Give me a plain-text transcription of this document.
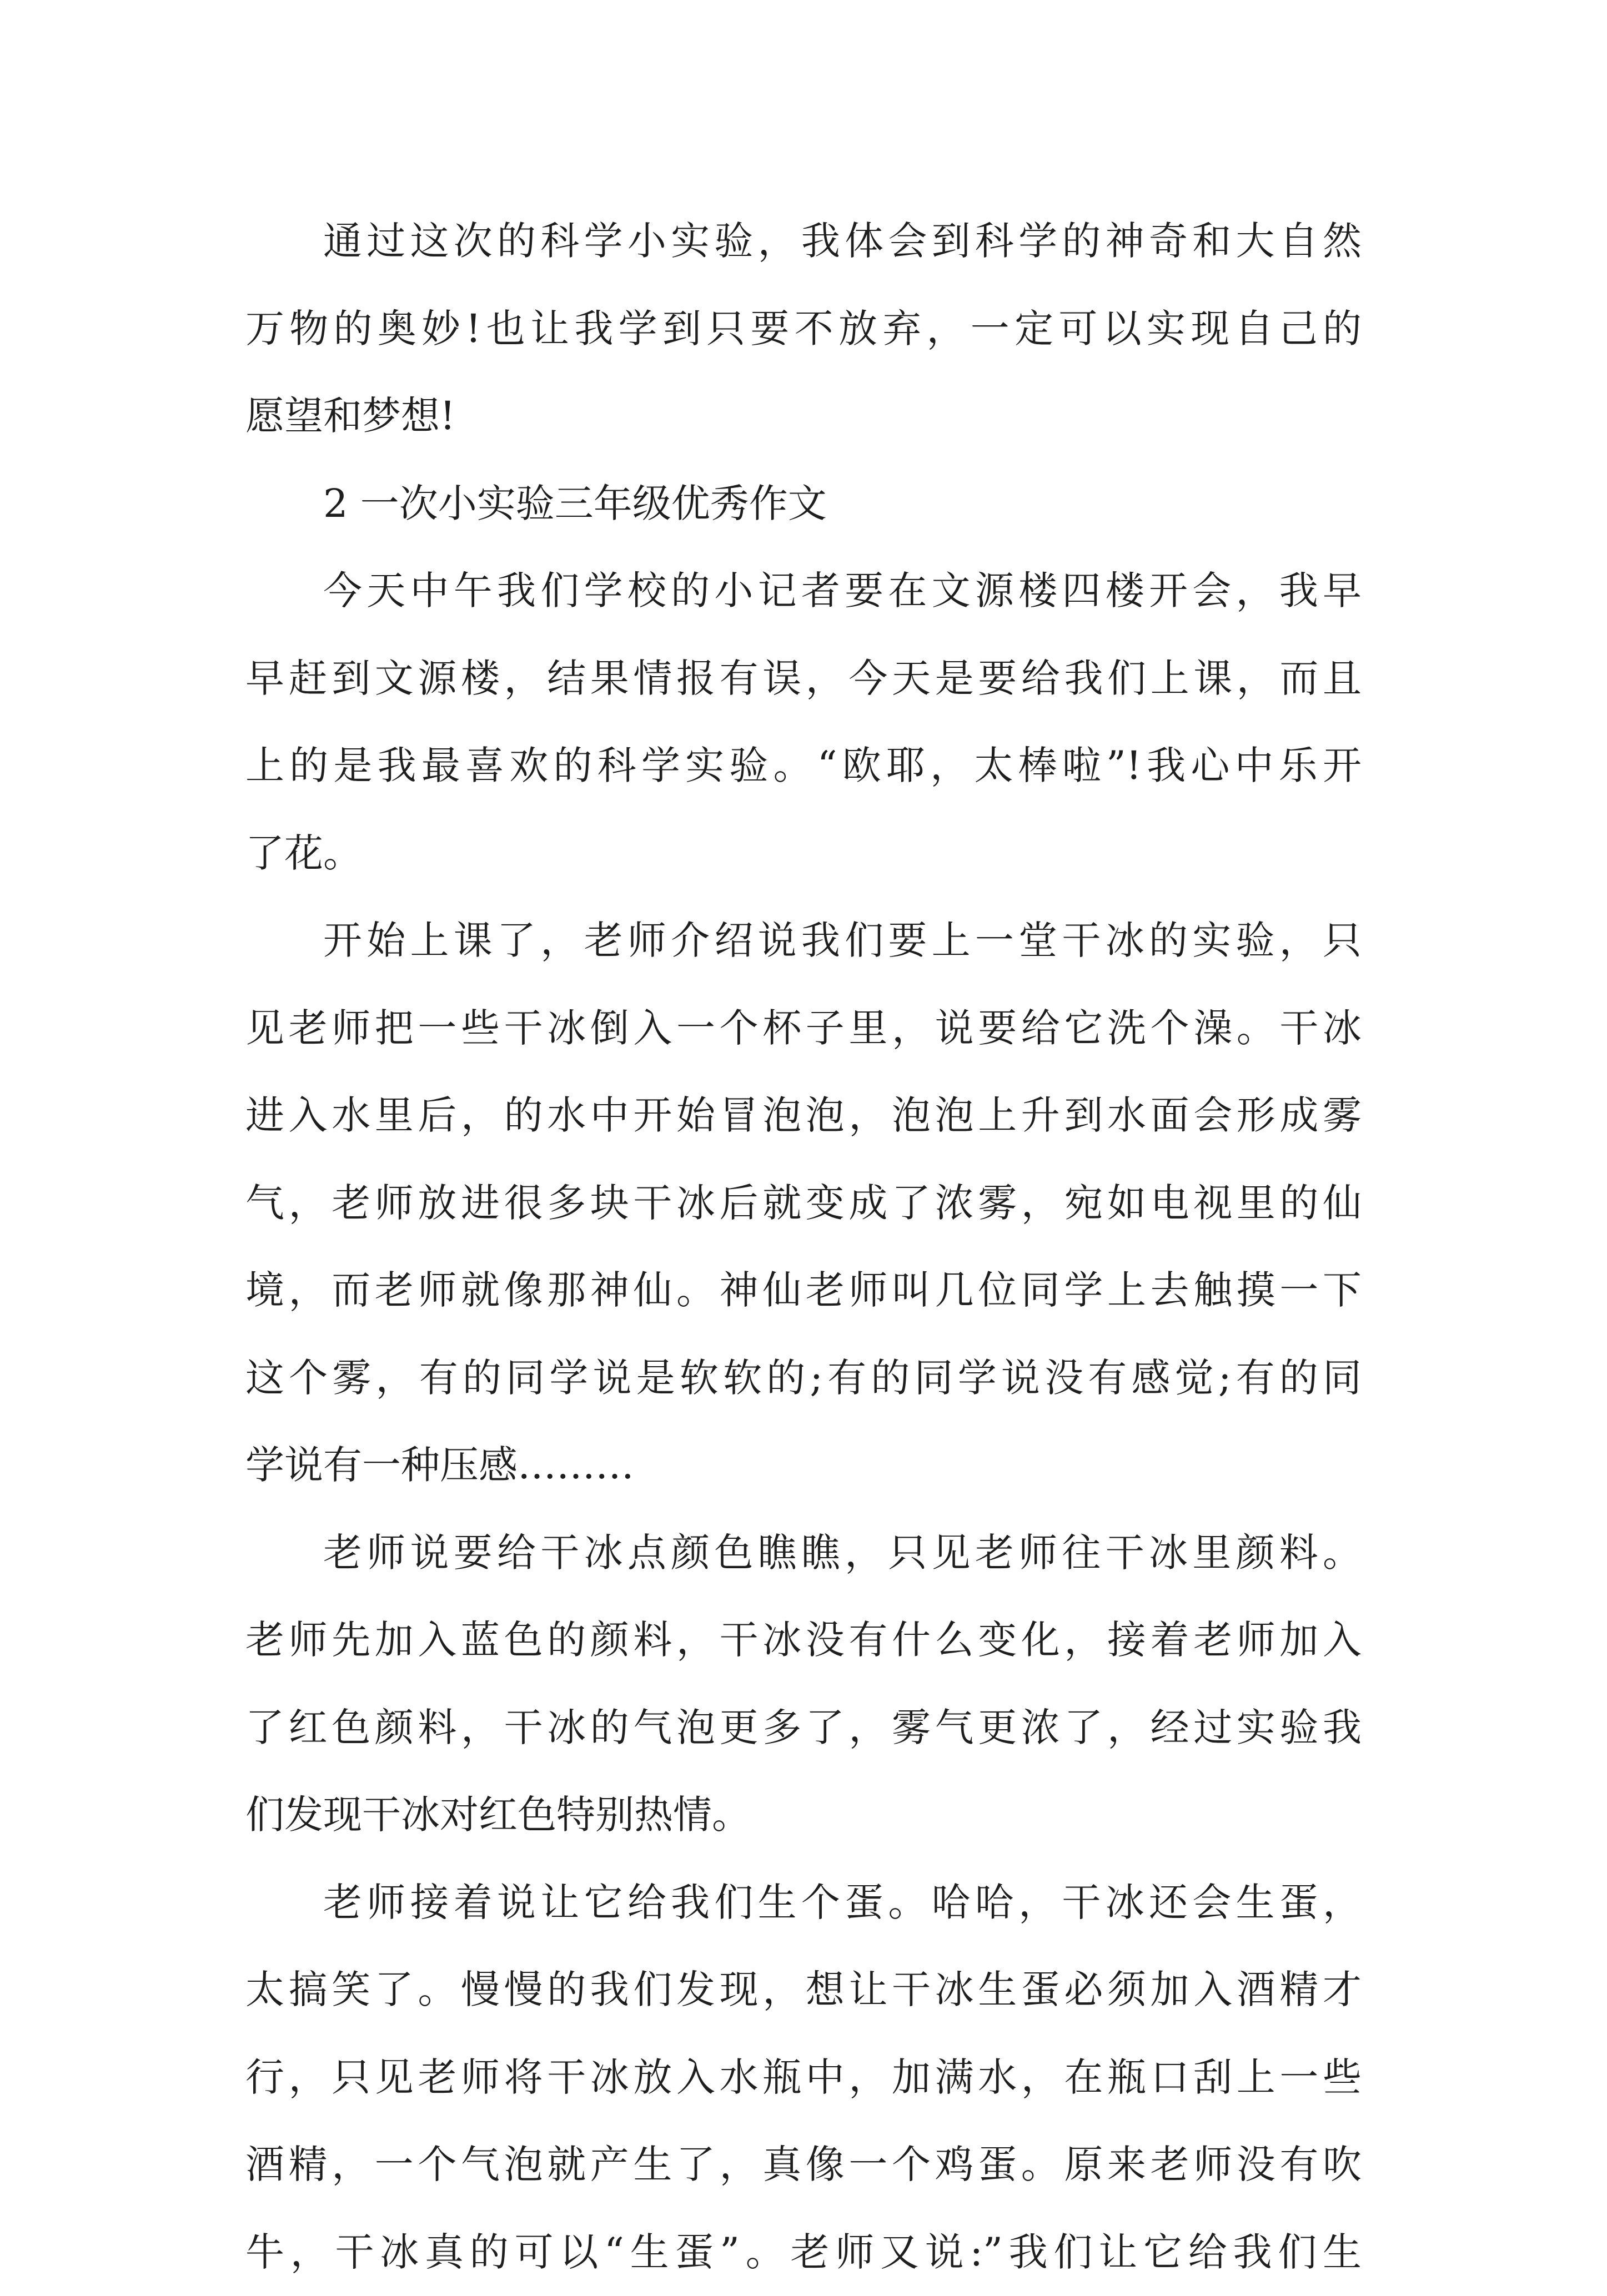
通过这次的科学小实验，我体会到科学的神奇和大自然
万物的奥妙!也让我学到只要不放弃，一定可以实现自己的
愿望和梦想!
2 一次小实验三年级优秀作文
今天中午我们学校的小记者要在文源楼四楼开会，我早
早赶到文源楼，结果情报有误，今天是要给我们上课，而且
上的是我最喜欢的科学实验。“欧耶，太棒啦”!我心中乐开
了花。
开始上课了，老师介绍说我们要上一堂干冰的实验，只
见老师把一些干冰倒入一个杯子里，说要给它洗个澡。干冰
进入水里后，的水中开始冒泡泡，泡泡上升到水面会形成雾
气，老师放进很多块干冰后就变成了浓雾，宛如电视里的仙
境，而老师就像那神仙。神仙老师叫几位同学上去触摸一下
这个雾，有的同学说是软软的;有的同学说没有感觉;有的同
学说有一种压感………
老师说要给干冰点颜色瞧瞧，只见老师往干冰里颜料。
老师先加入蓝色的颜料，干冰没有什么变化，接着老师加入
了红色颜料，干冰的气泡更多了，雾气更浓了，经过实验我
们发现干冰对红色特别热情。
老师接着说让它给我们生个蛋。哈哈，干冰还会生蛋，
太搞笑了。慢慢的我们发现，想让干冰生蛋必须加入酒精才
行，只见老师将干冰放入水瓶中，加满水，在瓶口刮上一些
酒精，一个气泡就产生了，真像一个鸡蛋。原来老师没有吹
牛，干冰真的可以“生蛋”。老师又说:”我们让它给我们生
